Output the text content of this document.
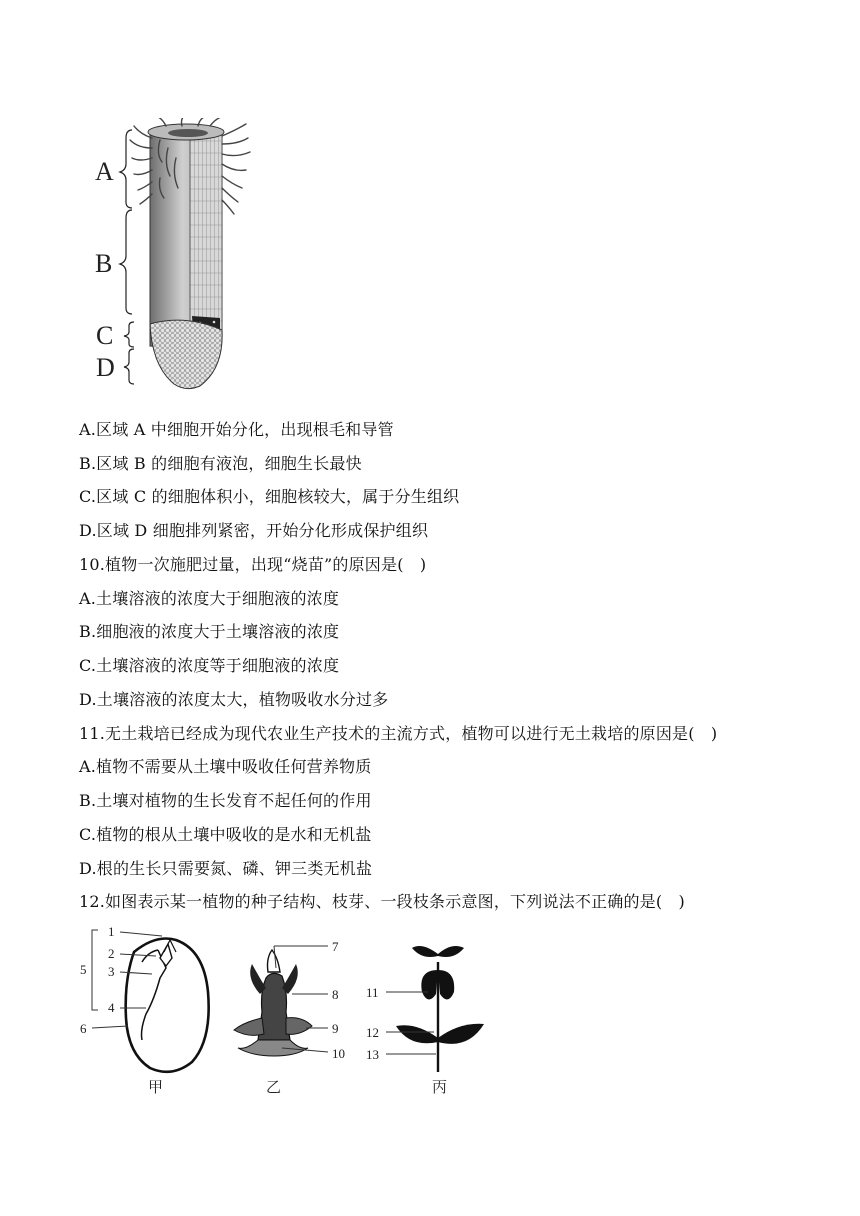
A
B
C
D
A.区域 A 中细胞开始分化，出现根毛和导管
B.区域 B 的细胞有液泡，细胞生长最快
C.区域 C 的细胞体积小，细胞核较大，属于分生组织
D.区域 D 细胞排列紧密，开始分化形成保护组织
10.植物一次施肥过量，出现“烧苗”的原因是(　)
A.土壤溶液的浓度大于细胞液的浓度
B.细胞液的浓度大于土壤溶液的浓度
C.土壤溶液的浓度等于细胞液的浓度
D.土壤溶液的浓度太大，植物吸收水分过多
11.无土栽培已经成为现代农业生产技术的主流方式，植物可以进行无土栽培的原因是(　)
A.植物不需要从土壤中吸收任何营养物质
B.土壤对植物的生长发育不起任何的作用
C.植物的根从土壤中吸收的是水和无机盐
D.根的生长只需要氮、磷、钾三类无机盐
12.如图表示某一植物的种子结构、枝芽、一段枝条示意图，下列说法不正确的是(　)
1
2
3
4
5
6
甲
7
8
9
10
乙
11
12
13
丙
